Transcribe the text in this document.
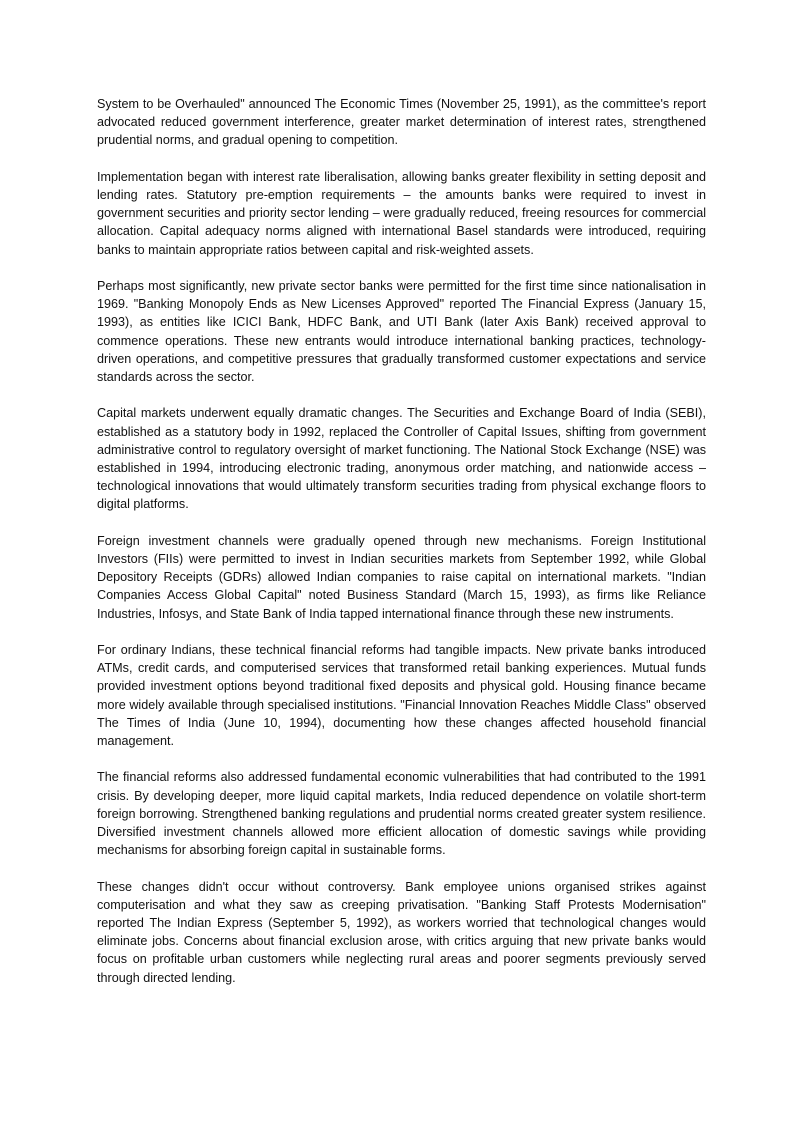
System to be Overhauled" announced The Economic Times (November 25, 1991), as the committee's report advocated reduced government interference, greater market determination of interest rates, strengthened prudential norms, and gradual opening to competition.

Implementation began with interest rate liberalisation, allowing banks greater flexibility in setting deposit and lending rates. Statutory pre-emption requirements – the amounts banks were required to invest in government securities and priority sector lending – were gradually reduced, freeing resources for commercial allocation. Capital adequacy norms aligned with international Basel standards were introduced, requiring banks to maintain appropriate ratios between capital and risk-weighted assets.

Perhaps most significantly, new private sector banks were permitted for the first time since nationalisation in 1969. "Banking Monopoly Ends as New Licenses Approved" reported The Financial Express (January 15, 1993), as entities like ICICI Bank, HDFC Bank, and UTI Bank (later Axis Bank) received approval to commence operations. These new entrants would introduce international banking practices, technology-driven operations, and competitive pressures that gradually transformed customer expectations and service standards across the sector.

Capital markets underwent equally dramatic changes. The Securities and Exchange Board of India (SEBI), established as a statutory body in 1992, replaced the Controller of Capital Issues, shifting from government administrative control to regulatory oversight of market functioning. The National Stock Exchange (NSE) was established in 1994, introducing electronic trading, anonymous order matching, and nationwide access – technological innovations that would ultimately transform securities trading from physical exchange floors to digital platforms.

Foreign investment channels were gradually opened through new mechanisms. Foreign Institutional Investors (FIIs) were permitted to invest in Indian securities markets from September 1992, while Global Depository Receipts (GDRs) allowed Indian companies to raise capital on international markets. "Indian Companies Access Global Capital" noted Business Standard (March 15, 1993), as firms like Reliance Industries, Infosys, and State Bank of India tapped international finance through these new instruments.

For ordinary Indians, these technical financial reforms had tangible impacts. New private banks introduced ATMs, credit cards, and computerised services that transformed retail banking experiences. Mutual funds provided investment options beyond traditional fixed deposits and physical gold. Housing finance became more widely available through specialised institutions. "Financial Innovation Reaches Middle Class" observed The Times of India (June 10, 1994), documenting how these changes affected household financial management.

The financial reforms also addressed fundamental economic vulnerabilities that had contributed to the 1991 crisis. By developing deeper, more liquid capital markets, India reduced dependence on volatile short-term foreign borrowing. Strengthened banking regulations and prudential norms created greater system resilience. Diversified investment channels allowed more efficient allocation of domestic savings while providing mechanisms for absorbing foreign capital in sustainable forms.

These changes didn't occur without controversy. Bank employee unions organised strikes against computerisation and what they saw as creeping privatisation. "Banking Staff Protests Modernisation" reported The Indian Express (September 5, 1992), as workers worried that technological changes would eliminate jobs. Concerns about financial exclusion arose, with critics arguing that new private banks would focus on profitable urban customers while neglecting rural areas and poorer segments previously served through directed lending.
